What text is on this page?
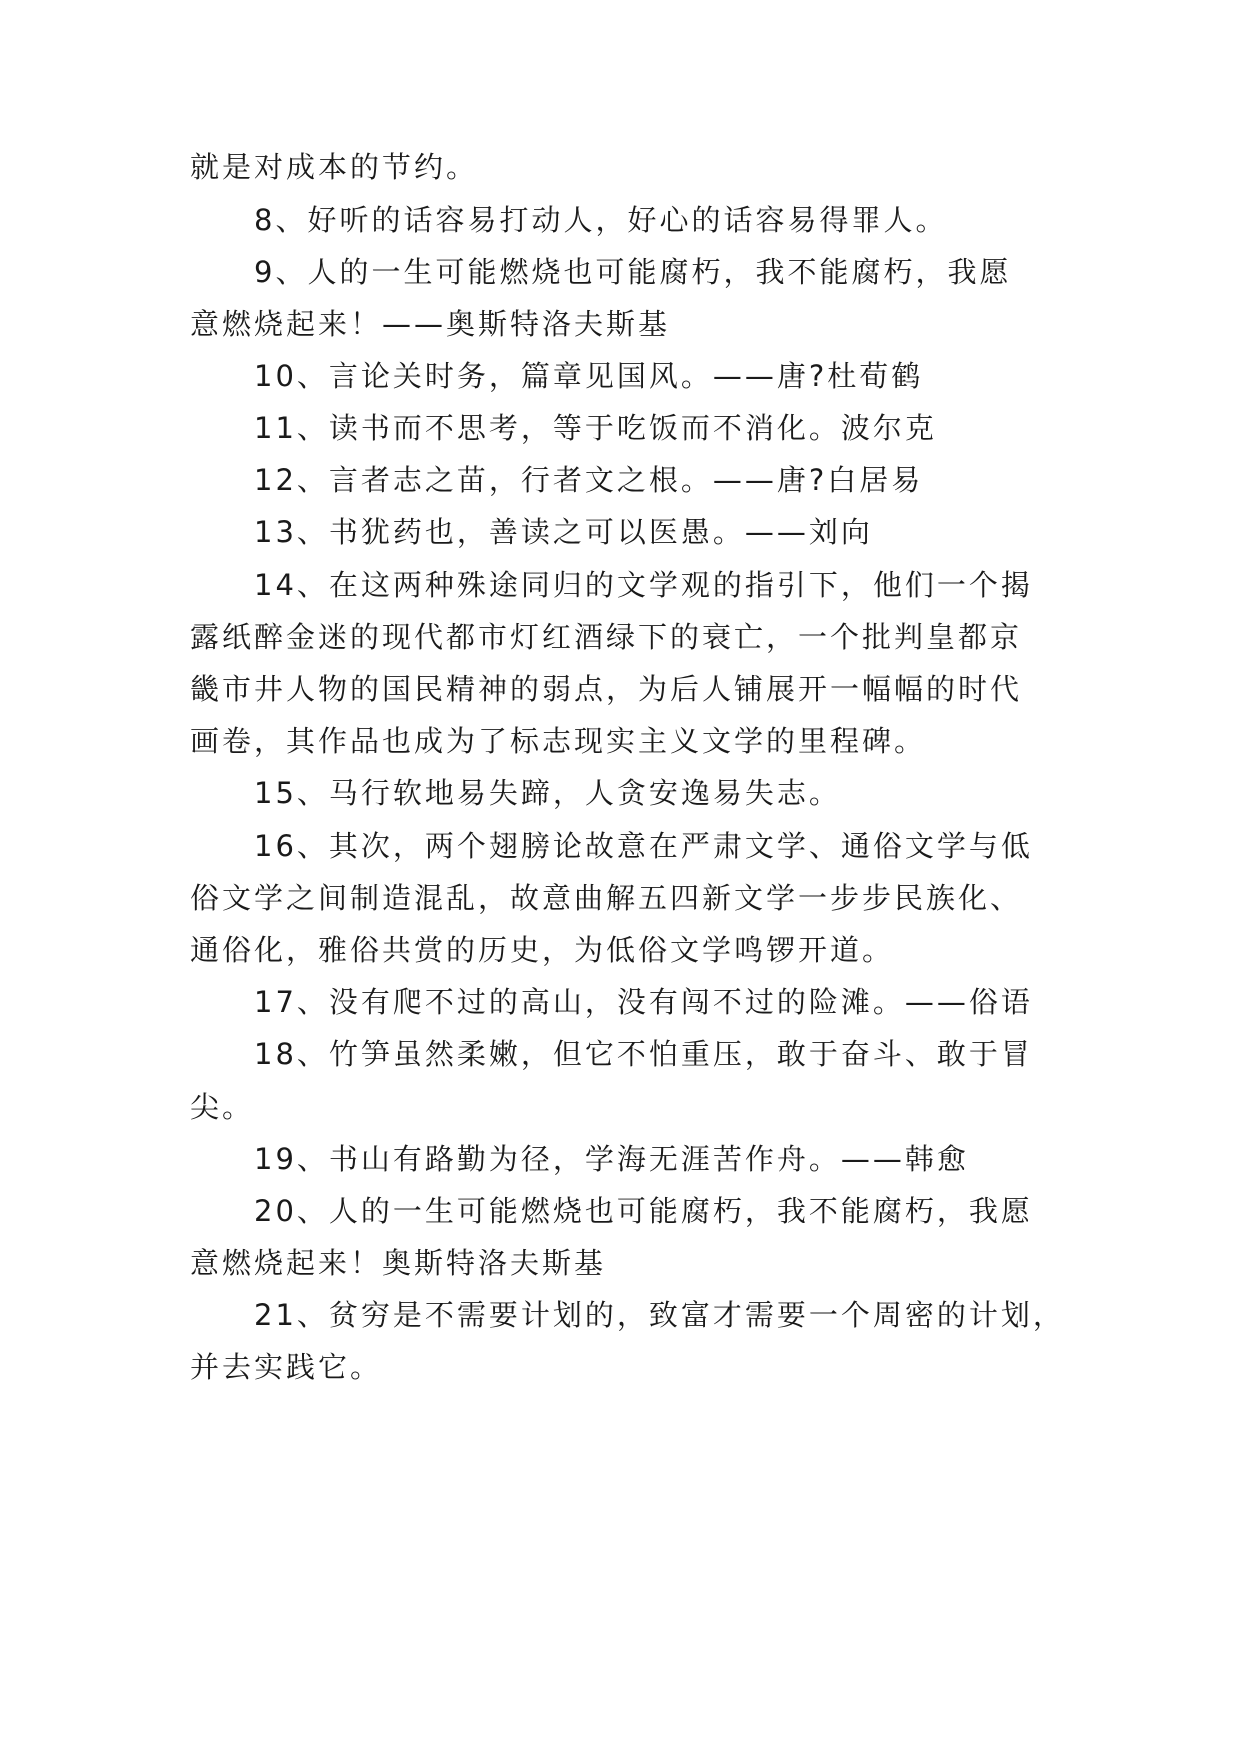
就是对成本的节约。
8、好听的话容易打动人，好心的话容易得罪人。
9、人的一生可能燃烧也可能腐朽，我不能腐朽，我愿
意燃烧起来！——奥斯特洛夫斯基
10、言论关时务，篇章见国风。——唐?杜荀鹤
11、读书而不思考，等于吃饭而不消化。波尔克
12、言者志之苗，行者文之根。——唐?白居易
13、书犹药也，善读之可以医愚。——刘向
14、在这两种殊途同归的文学观的指引下，他们一个揭
露纸醉金迷的现代都市灯红酒绿下的衰亡，一个批判皇都京
畿市井人物的国民精神的弱点，为后人铺展开一幅幅的时代
画卷，其作品也成为了标志现实主义文学的里程碑。
15、马行软地易失蹄，人贪安逸易失志。
16、其次，两个翅膀论故意在严肃文学、通俗文学与低
俗文学之间制造混乱，故意曲解五四新文学一步步民族化、
通俗化，雅俗共赏的历史，为低俗文学鸣锣开道。
17、没有爬不过的高山，没有闯不过的险滩。——俗语
18、竹笋虽然柔嫩，但它不怕重压，敢于奋斗、敢于冒
尖。
19、书山有路勤为径，学海无涯苦作舟。——韩愈
20、人的一生可能燃烧也可能腐朽，我不能腐朽，我愿
意燃烧起来！奥斯特洛夫斯基
21、贫穷是不需要计划的，致富才需要一个周密的计划，
并去实践它。
